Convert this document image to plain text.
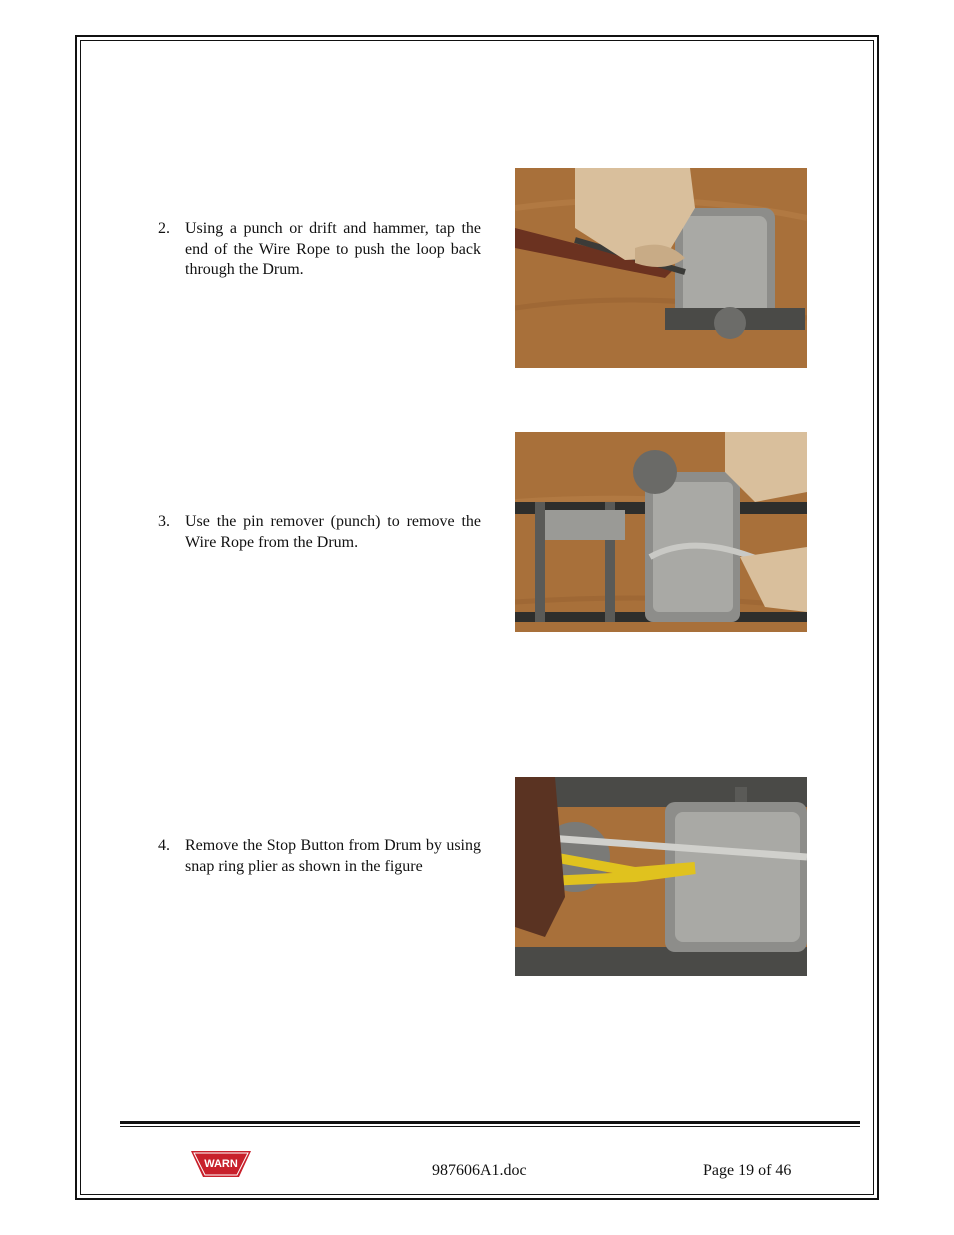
2. Using a punch or drift and hammer, tap the end of the Wire Rope to push the loop back through the Drum.
3. Use the pin remover (punch) to remove the Wire Rope from the Drum.
4. Remove the Stop Button from Drum by using snap ring plier as shown in the figure
WARN	987606A1.doc	Page 19 of 46
